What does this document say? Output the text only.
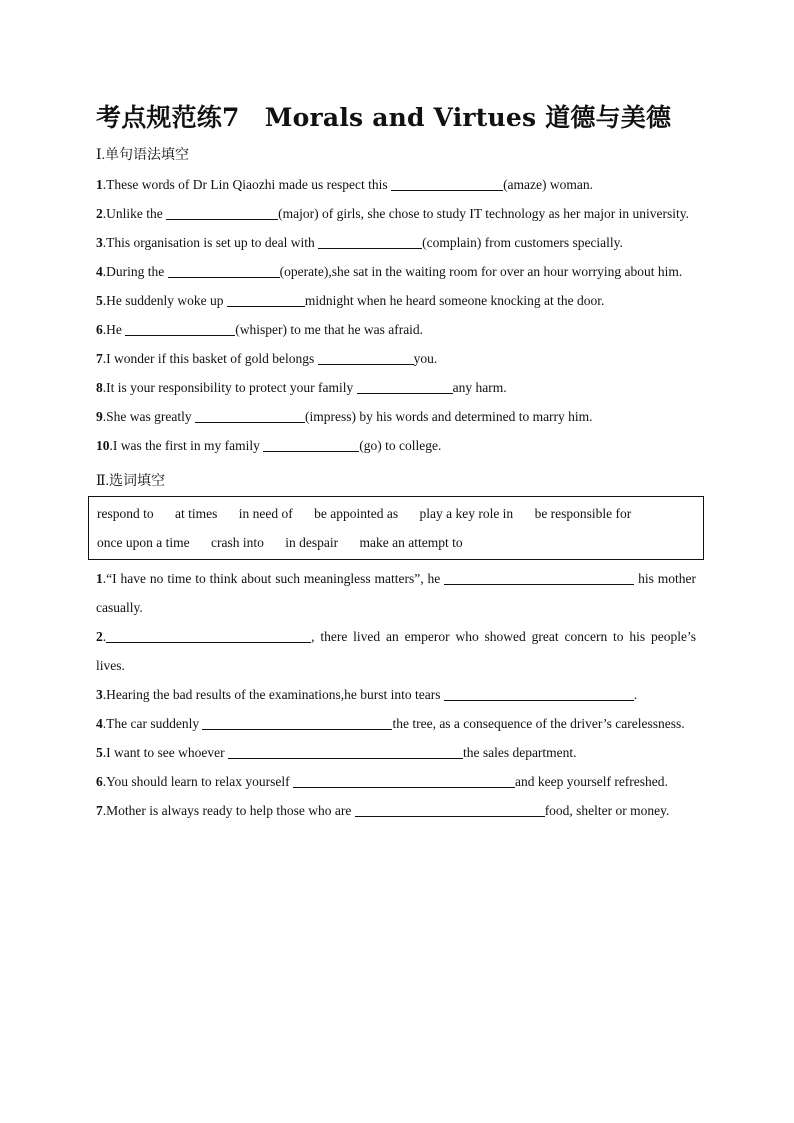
考点规范练7　Morals and Virtues 道德与美德
Ⅰ.单句语法填空
1.These words of Dr Lin Qiaozhi made us respect this	(amaze) woman.
2.Unlike the	(major) of girls, she chose to study IT technology as her major in university.
3.This organisation is set up to deal with	(complain) from customers specially.
4.During the	(operate),she sat in the waiting room for over an hour worrying about him.
5.He suddenly woke up	midnight when he heard someone knocking at the door.
6.He	(whisper) to me that he was afraid.
7.I wonder if this basket of gold belongs	you.
8.It is your responsibility to protect your family	any harm.
9.She was greatly	(impress) by his words and determined to marry him.
10.I was the first in my family	(go) to college.
Ⅱ.选词填空
respond to at times in need of be appointed as play a key role in be responsible for
once upon a time crash into in despair make an attempt to
1.“I have no time to think about such meaningless matters”, he	his mother casually.
2.	, there lived an emperor who showed great concern to his people’s lives.
3.Hearing the bad results of the examinations,he burst into tears	.
4.The car suddenly	the tree, as a consequence of the driver’s carelessness.
5.I want to see whoever	the sales department.
6.You should learn to relax yourself	and keep yourself refreshed.
7.Mother is always ready to help those who are	food, shelter or money.
